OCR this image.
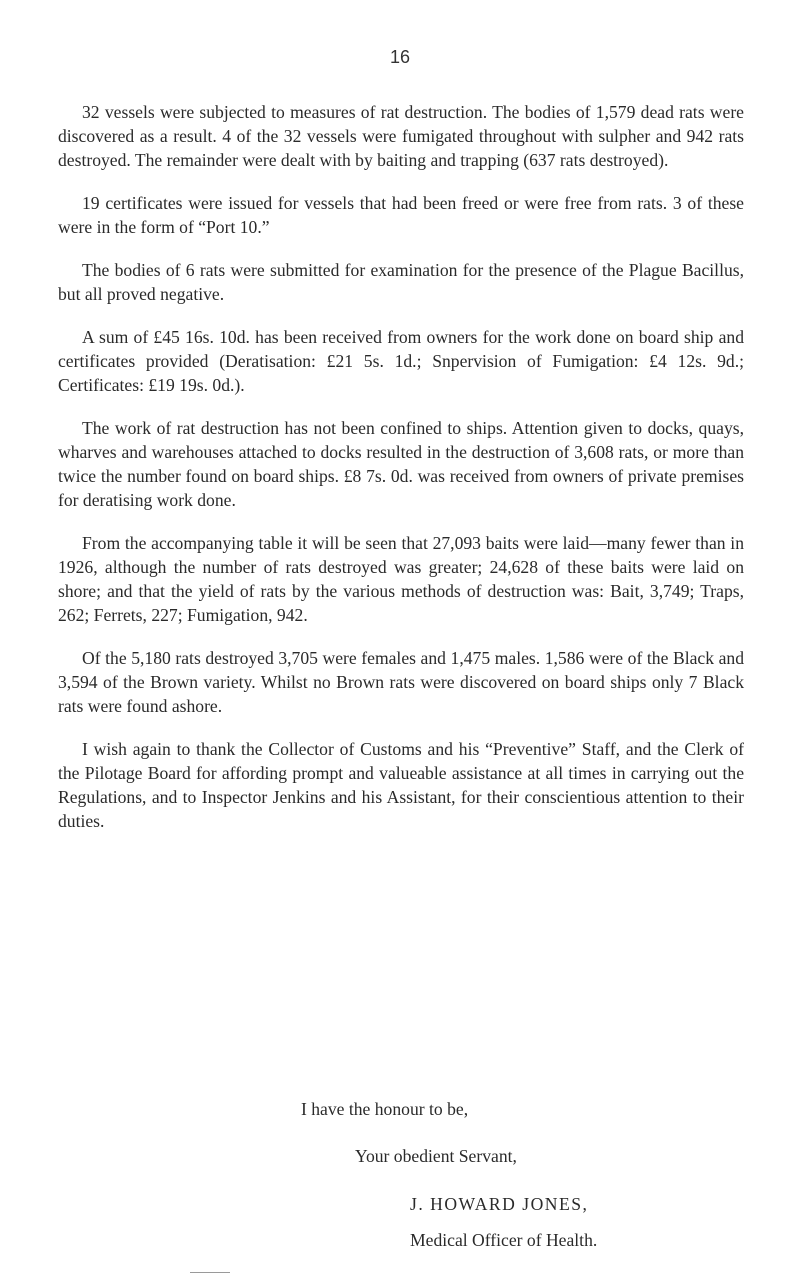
16

32 vessels were subjected to measures of rat destruction. The bodies of 1,579 dead rats were discovered as a result. 4 of the 32 vessels were fumigated throughout with sulpher and 942 rats destroyed. The remainder were dealt with by baiting and trapping (637 rats destroyed).

19 certificates were issued for vessels that had been freed or were free from rats. 3 of these were in the form of “Port 10.”

The bodies of 6 rats were submitted for examination for the presence of the Plague Bacillus, but all proved negative.

A sum of £45 16s. 10d. has been received from owners for the work done on board ship and certificates provided (Deratisation: £21 5s. 1d.; Snpervision of Fumigation: £4 12s. 9d.; Certificates: £19 19s. 0d.).

The work of rat destruction has not been confined to ships. Attention given to docks, quays, wharves and warehouses attached to docks resulted in the destruction of 3,608 rats, or more than twice the number found on board ships. £8 7s. 0d. was received from owners of private premises for deratising work done.

From the accompanying table it will be seen that 27,093 baits were laid—many fewer than in 1926, although the number of rats destroyed was greater; 24,628 of these baits were laid on shore; and that the yield of rats by the various methods of destruction was: Bait, 3,749; Traps, 262; Ferrets, 227; Fumigation, 942.

Of the 5,180 rats destroyed 3,705 were females and 1,475 males. 1,586 were of the Black and 3,594 of the Brown variety. Whilst no Brown rats were discovered on board ships only 7 Black rats were found ashore.

I wish again to thank the Collector of Customs and his “Preventive” Staff, and the Clerk of the Pilotage Board for affording prompt and valueable assistance at all times in carrying out the Regulations, and to Inspector Jenkins and his Assistant, for their conscientious attention to their duties.

I have the honour to be,
Your obedient Servant,
J. HOWARD JONES,
Medical Officer of Health.
